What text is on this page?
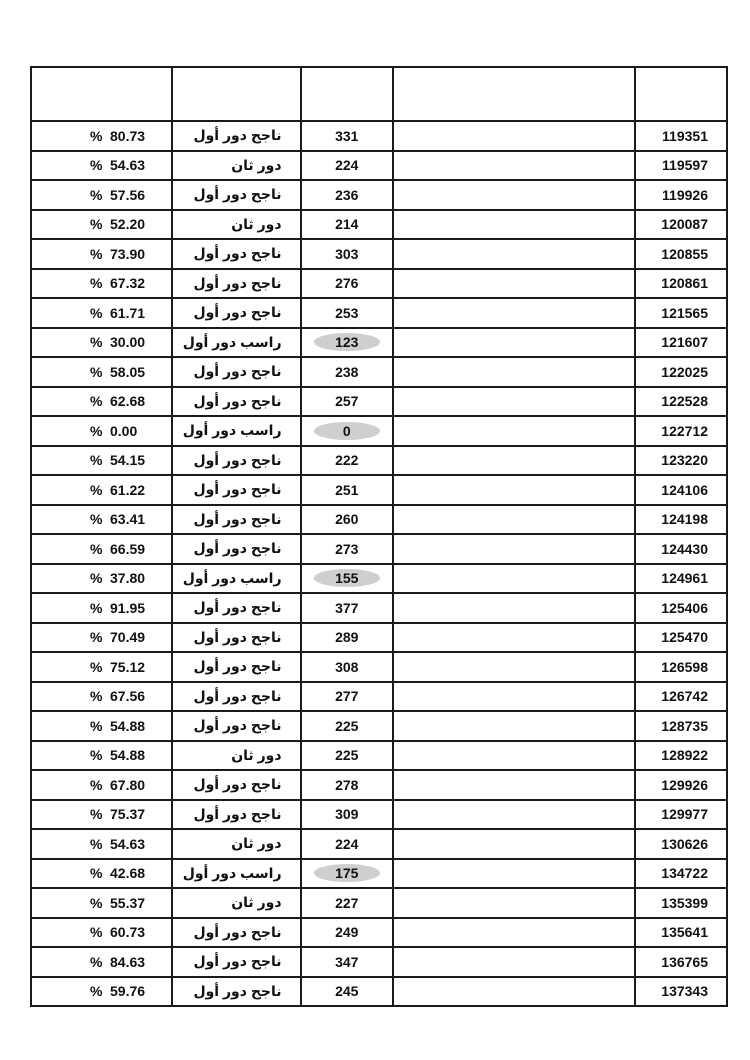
% 80.73	ناجح دور أول	331		119351
% 54.63	دور ثان	224		119597
% 57.56	ناجح دور أول	236		119926
% 52.20	دور ثان	214		120087
% 73.90	ناجح دور أول	303		120855
% 67.32	ناجح دور أول	276		120861
% 61.71	ناجح دور أول	253		121565
% 30.00	راسب دور أول	123		121607
% 58.05	ناجح دور أول	238		122025
% 62.68	ناجح دور أول	257		122528
% 0.00	راسب دور أول	0		122712
% 54.15	ناجح دور أول	222		123220
% 61.22	ناجح دور أول	251		124106
% 63.41	ناجح دور أول	260		124198
% 66.59	ناجح دور أول	273		124430
% 37.80	راسب دور أول	155		124961
% 91.95	ناجح دور أول	377		125406
% 70.49	ناجح دور أول	289		125470
% 75.12	ناجح دور أول	308		126598
% 67.56	ناجح دور أول	277		126742
% 54.88	ناجح دور أول	225		128735
% 54.88	دور ثان	225		128922
% 67.80	ناجح دور أول	278		129926
% 75.37	ناجح دور أول	309		129977
% 54.63	دور ثان	224		130626
% 42.68	راسب دور أول	175		134722
% 55.37	دور ثان	227		135399
% 60.73	ناجح دور أول	249		135641
% 84.63	ناجح دور أول	347		136765
% 59.76	ناجح دور أول	245		137343
